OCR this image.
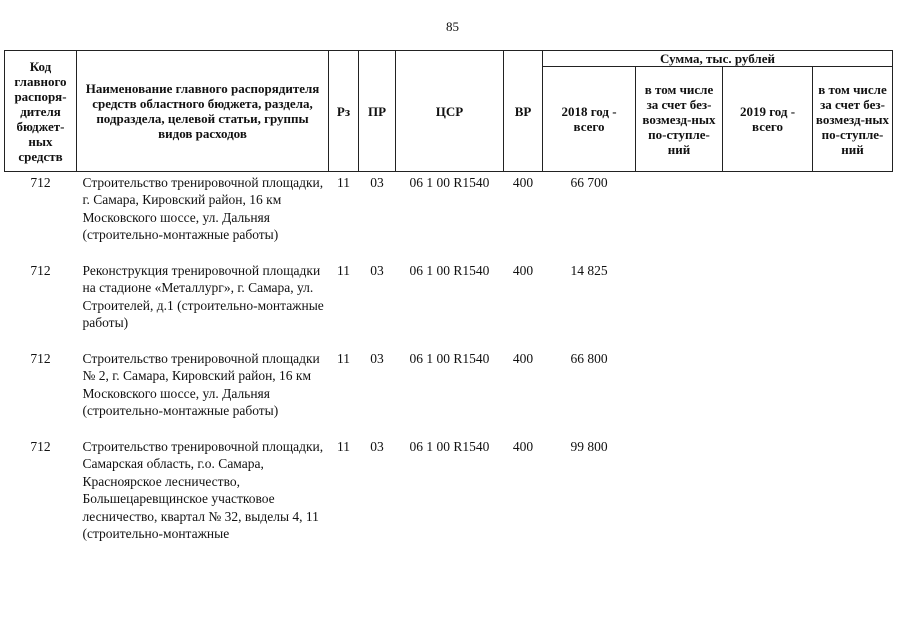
85
Код главного распоря-дителя бюджет-ных средств	Наименование главного распорядителя средств областного бюджета, раздела, подраздела, целевой статьи, группы видов расходов	Рз	ПР	ЦСР	ВР	Сумма, тыс. рублей			
						2018 год - всего	в том числе за счет без-возмезд-ных по-ступле-ний	2019 год - всего	в том числе за счет без-возмезд-ных по-ступле-ний
712	Строительство тренировочной площадки, г. Самара, Кировский район, 16 км Московского шоссе, ул. Дальняя (строительно-монтажные работы)	11	03	06 1 00 R1540	400	66 700			
712	Реконструкция тренировочной площадки на стадионе «Металлург», г. Самара, ул. Строителей, д.1 (строительно-монтажные работы)	11	03	06 1 00 R1540	400	14 825			
712	Строительство тренировочной площадки № 2, г. Самара, Кировский район, 16 км Московского шоссе, ул. Дальняя (строительно-монтажные работы)	11	03	06 1 00 R1540	400	66 800			
712	Строительство тренировочной площадки, Самарская область, г.о. Самара, Красноярское лесничество, Большецаревщинское участковое лесничество, квартал № 32, выделы 4, 11 (строительно-монтажные	11	03	06 1 00 R1540	400	99 800			
